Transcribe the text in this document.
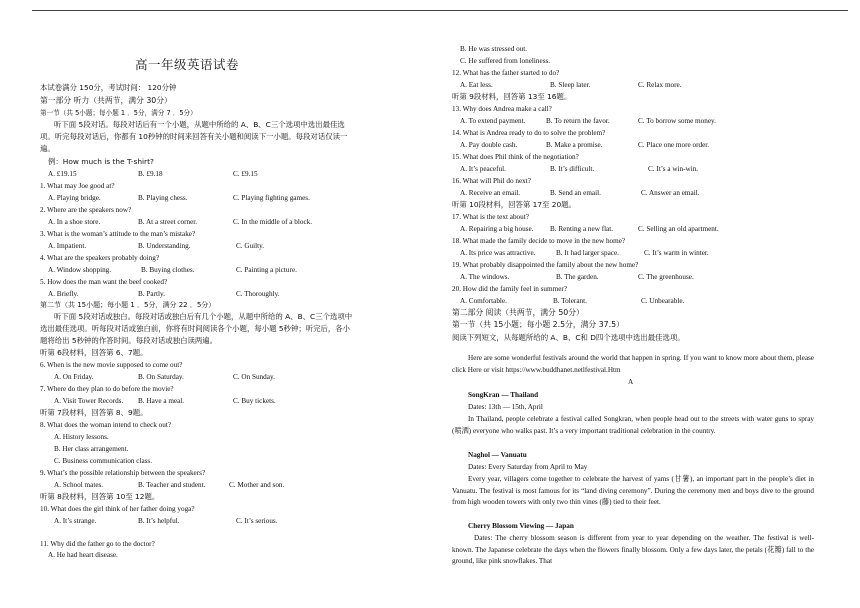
高一年级英语试卷
本试卷满分 150分，考试时间： 120分钟
第一部分 听力（共两节，满分 30分）
第一节（共 5小题；每小题 1 ．5分，满分 7 ．5分）
听下面 5段对话。每段对话后有一个小题，从题中所给的 A、B、C三个选项中选出最佳选
项。听完每段对话后，你都有 10秒钟的时间来回答有关小题和阅读下一小题。每段对话仅读一
遍。
例：How much is the T-shirt?
A. £19.15	B. £9.18	C. £9.15
1. What may Joe good at?
A. Playing bridge.	B. Playing chess.	C. Playing fighting games.
2. Where are the speakers now?
A. In a shoe store.	B. At a street corner.	C. In the middle of a block.
3. What is the woman’s attitude to the man’s mistake?
A. Impatient.	B. Understanding.	C. Guilty.
4. What are the speakers probably doing?
A. Window shopping.	B. Buying clothes.	C. Painting a picture.
5. How does the man want the beef cooked?
A. Briefly.	B. Partly.	C. Thoroughly.
第二节（共 15小题；每小题 1 ．5分，满分 22 ．5分）
听下面 5段对话或独白。每段对话或独白后有几个小题，从题中所给的 A、B、C三个选项中
选出最佳选项。听每段对话或独白前，你将有时间阅读各个小题，每小题 5秒钟；听完后，各小
题将给出 5秒钟的作答时间。每段对话或独白读两遍。
听第 6段材料，回答第 6、7题。
6. When is the new movie supposed to come out?
A. On Friday.	B. On Saturday.	C. On Sunday.
7. Where do they plan to do before the movie?
A. Visit Tower Records. B. Have a meal.	C. Buy tickets.
听第 7段材料，回答第 8、9题。
8. What does the woman intend to check out?
A. History lessons.
B. Her class arrangement.
C. Business communication class.
9. What’s the possible relationship between the speakers?
A. School mates.	B. Teacher and student.	C. Mother and son.
听第 8段材料，回答第 10至 12题。
10. What does the girl think of her father doing yoga?
A. It’s strange.	B. It’s helpful.	C. It’s serious.
11. Why did the father go to the doctor?
A. He had heart disease.
B. He was stressed out.
C. He suffered from loneliness.
12. What has the father started to do?
A. Eat less.	B. Sleep later.	C. Relax more.
听第 9段材料，回答第 13至 16题。
13. Why does Andrea make a call?
A. To extend payment.	B. To return the favor.	C. To borrow some money.
14. What is Andrea ready to do to solve the problem?
A. Pay double cash.	B. Make a promise.	C. Place one more order.
15. What does Phil think of the negotiation?
A. It’s peaceful.	B. It’s difficult.	C. It’s a win-win.
16. What will Phil do next?
A. Receive an email.	B. Send an email.	C. Answer an email.
听第 10段材料，回答第 17至 20题。
17. What is the text about?
A. Repairing a big house. B. Renting a new flat.	C. Selling an old apartment.
18. What made the family decide to move in the new home?
A. Its price was attractive.	B. It had larger space.	C. It’s warm in winter.
19. What probably disappointed the family about the new home?
A. The windows.	B. The garden.	C. The greenhouse.
20. How did the family feel in summer?
A. Comfortable.	B. Tolerant.	C. Unbearable.
第二部分 阅读（共两节，满分 50分）
第一节（共 15小题；每小题 2.5分，满分 37.5）
阅读下列短文，从每题所给的 A、B、C和 D四个选项中选出最佳选项。
Here are some wonderful festivals around the world that happen in spring. If you want to know more about them, please click Here or visit https://www.buddhanet.netlfestival.Htm
A
SongKran — Thailand
Dates: 13th — 15th, April
In Thailand, people celebrate a festival called Songkran, when people head out to the streets with water guns to spray (喷洒) everyone who walks past. It’s a very important traditional celebration in the country.
Naghol — Vanuatu
Dates: Every Saturday from April to May
Every year, villagers come together to celebrate the harvest of yams (甘薯), an important part in the people’s diet in Vanuatu. The festival is most famous for its “land diving ceremony”. During the ceremony men and boys dive to the ground from high wooden towers with only two thin vines (藤) tied to their feet.
Cherry Blossom Viewing — Japan
Dates: The cherry blossom season is different from year to year depending on the weather. The festival is well-known. The Japanese celebrate the days when the flowers finally blossom. Only a few days later, the petals (花瓣) fall to the ground, like pink snowflakes. That
